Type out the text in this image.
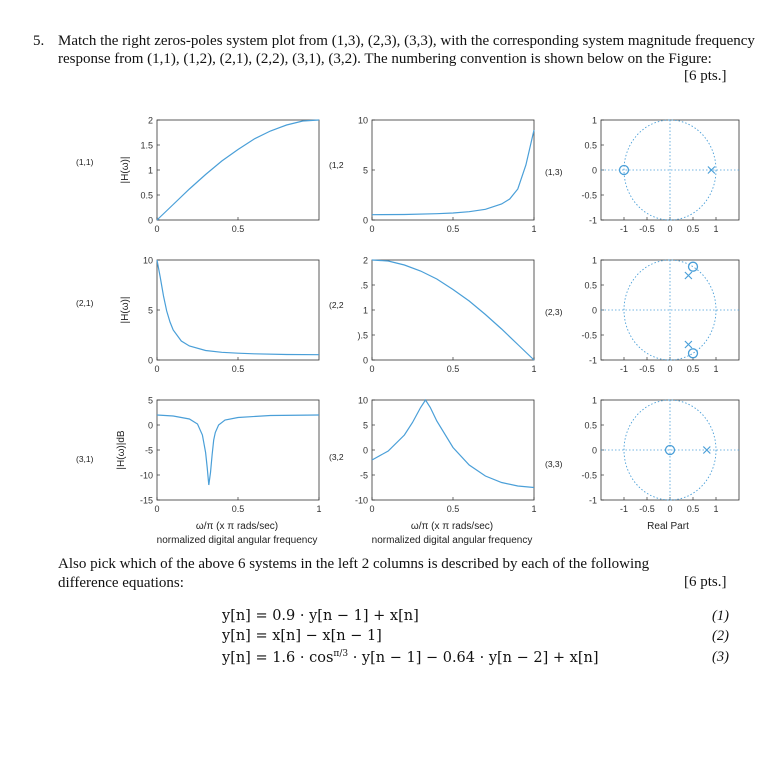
5. Match the right zeros-poles system plot from (1,3), (2,3), (3,3), with the corresponding system magnitude frequency
response from (1,1), (1,2), (2,1), (2,2), (3,1), (3,2). The numbering convention is shown below on the Figure:
[6 pts.]
0
0.5
1
1.5
2
0	0.5
0
5
10
0	0.5	1
0
5
10
0	0.5
0
).5
1
.5
2
0	0.5	1
-15
-10
-5
0
5
0	0.5	1
-10
-5
0
5
10
0	0.5	1
-1
-0.5
0
0.5
1
-1 -0.5 0 0.5 1
-1
-0.5
0
0.5
1
-1 -0.5 0 0.5 1
-1
-0.5
0
0.5
1
-1 -0.5 0 0.5 1
(1,1)
(2,1)
(3,1)
(1,2
(2,2
(3,2
(1,3)
(2,3)
(3,3)
|H(ω)|
|H(ω)|
|H(ω)|dB
ω/π (x π rads/sec)
normalized digital angular frequency
ω/π (x π rads/sec)
normalized digital angular frequency
Real Part
Also pick which of the above 6 systems in the left 2 columns is described by each of the following
difference equations:	[6 pts.]
y[n] = 0.9 · y[n − 1] + x[n]	(1)
y[n] = x[n] − x[n − 1]	(2)
$y[n] = 1.6 \cdot \cos^{\pi/3} \cdot y[n - 1] - 0.64 \cdot y[n - 2] + x[n]$	(3)
